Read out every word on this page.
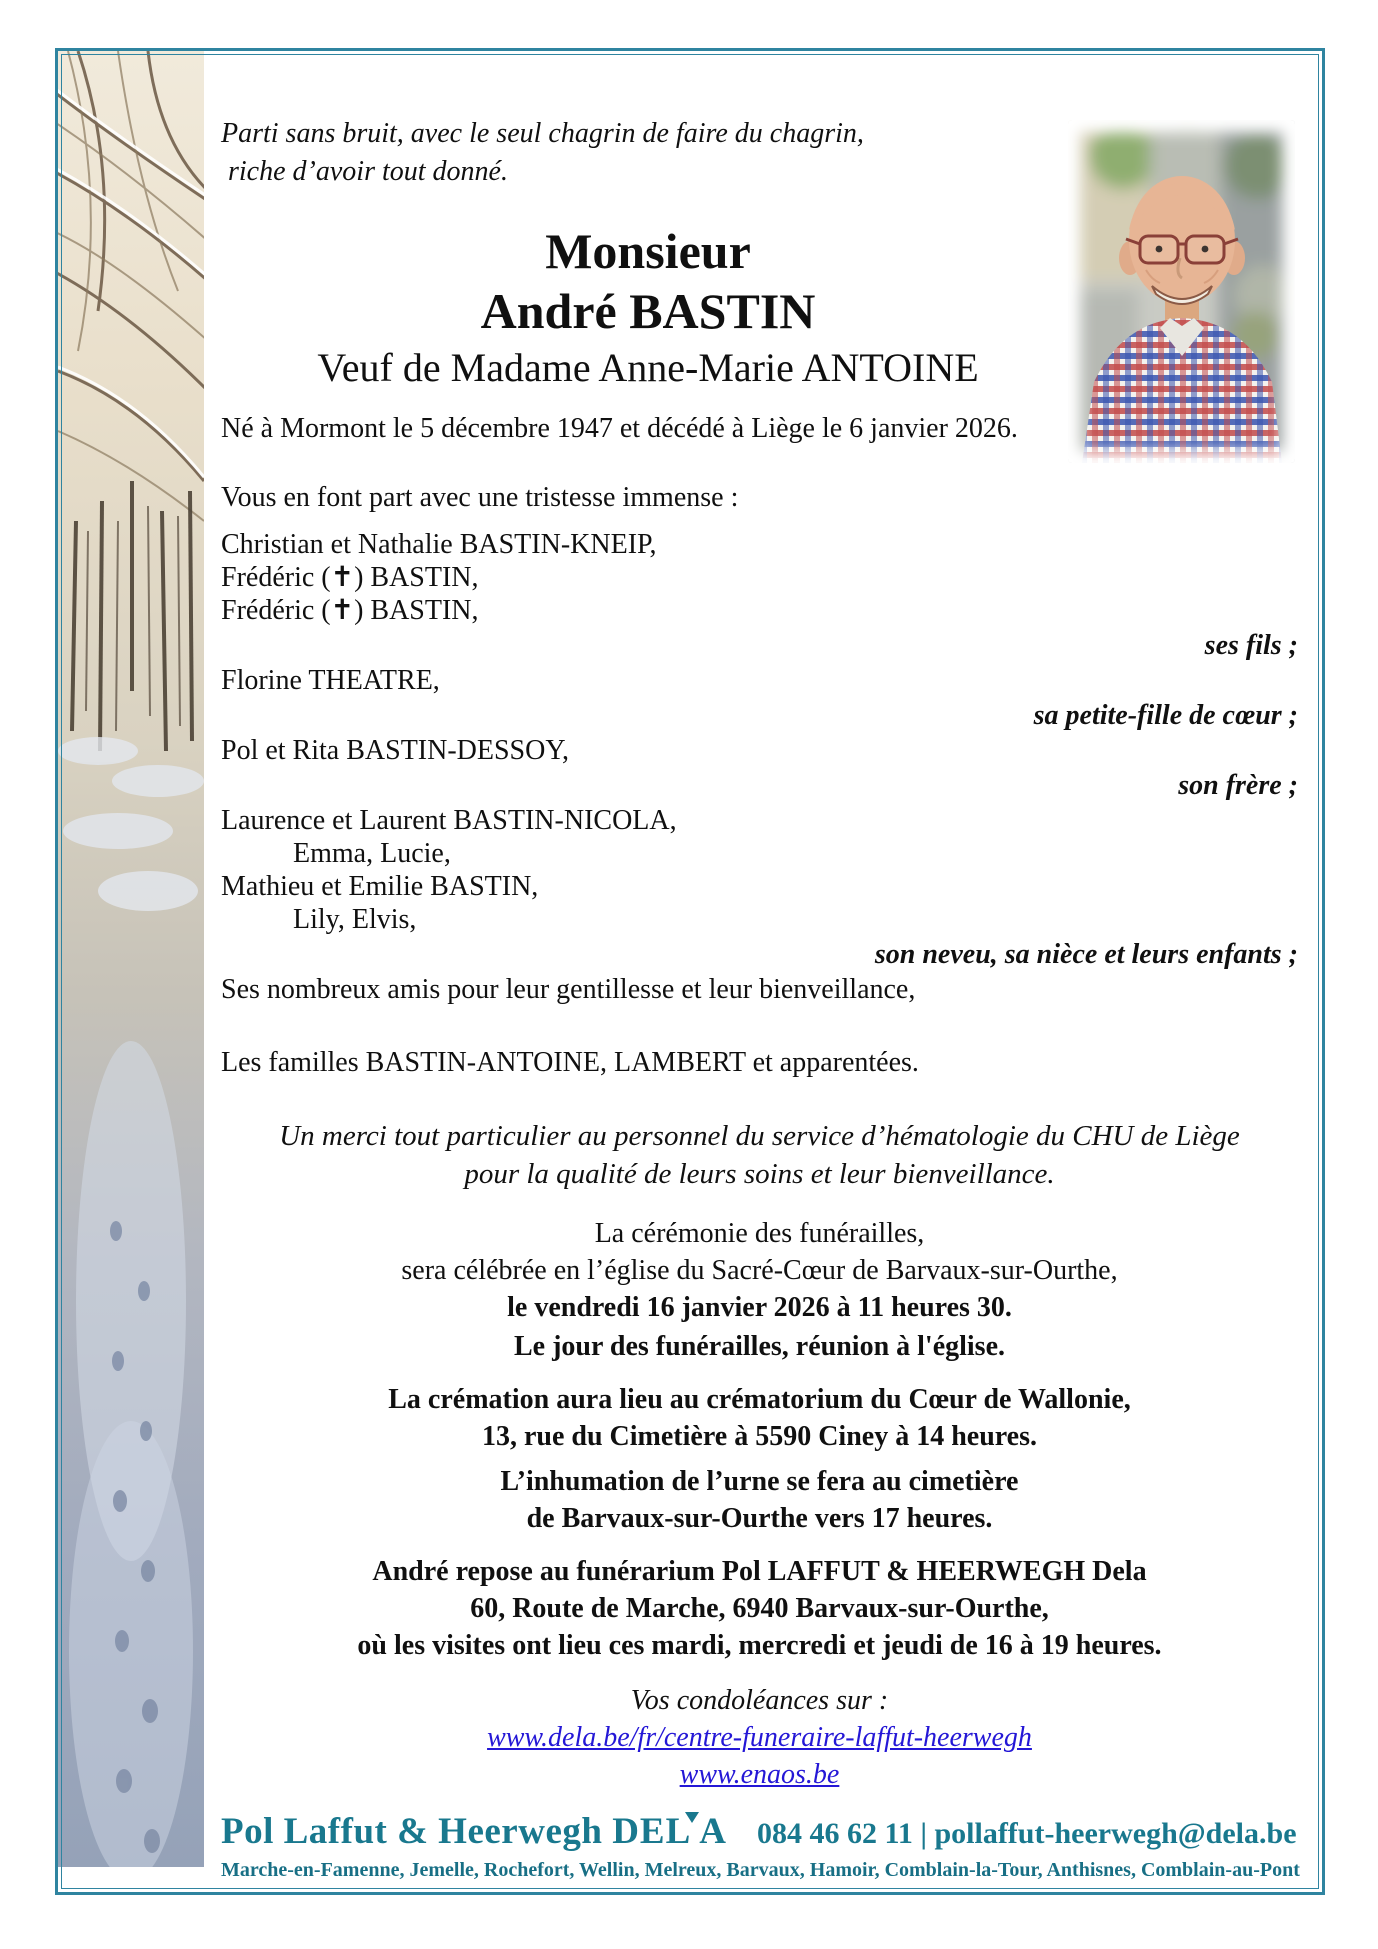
Parti sans bruit, avec le seul chagrin de faire du chagrin,
riche d’avoir tout donné.
Monsieur
André BASTIN
Veuf de Madame Anne-Marie ANTOINE
Né à Mormont le 5 décembre 1947 et décédé à Liège le 6 janvier 2026.
Vous en font part avec une tristesse immense :

Christian et Nathalie BASTIN-KNEIP,

Frédéric (✝) BASTIN,

Frédéric (✝) BASTIN,

ses fils ;

Florine THEATRE,

sa petite-fille de cœur ;

Pol et Rita BASTIN-DESSOY,

son frère ;

Laurence et Laurent BASTIN-NICOLA,

Emma, Lucie,

Mathieu et Emilie BASTIN,

Lily, Elvis,

son neveu, sa nièce et leurs enfants ;

Ses nombreux amis pour leur gentillesse et leur bienveillance,

Les familles BASTIN-ANTOINE, LAMBERT et apparentées.

Un merci tout particulier au personnel du service d’hématologie du CHU de Liège
pour la qualité de leurs soins et leur bienveillance.
La cérémonie des funérailles,
sera célébrée en l’église du Sacré-Cœur de Barvaux-sur-Ourthe,
le vendredi 16 janvier 2026 à 11 heures 30.
Le jour des funérailles, réunion à l'église.
La crémation aura lieu au crématorium du Cœur de Wallonie,
13, rue du Cimetière à 5590 Ciney à 14 heures.
L’inhumation de l’urne se fera au cimetière
de Barvaux-sur-Ourthe vers 17 heures.
André repose au funérarium Pol LAFFUT & HEERWEGH Dela
60, Route de Marche, 6940 Barvaux-sur-Ourthe,
où les visites ont lieu ces mardi, mercredi et jeudi de 16 à 19 heures.
Vos condoléances sur :
www.dela.be/fr/centre-funeraire-laffut-heerwegh
www.enaos.be
Pol Laffut & Heerwegh DEL A 084 46 62 11 | pollaffut-heerwegh@dela.be
Marche-en-Famenne, Jemelle, Rochefort, Wellin, Melreux, Barvaux, Hamoir, Comblain-la-Tour, Anthisnes, Comblain-au-Pont
